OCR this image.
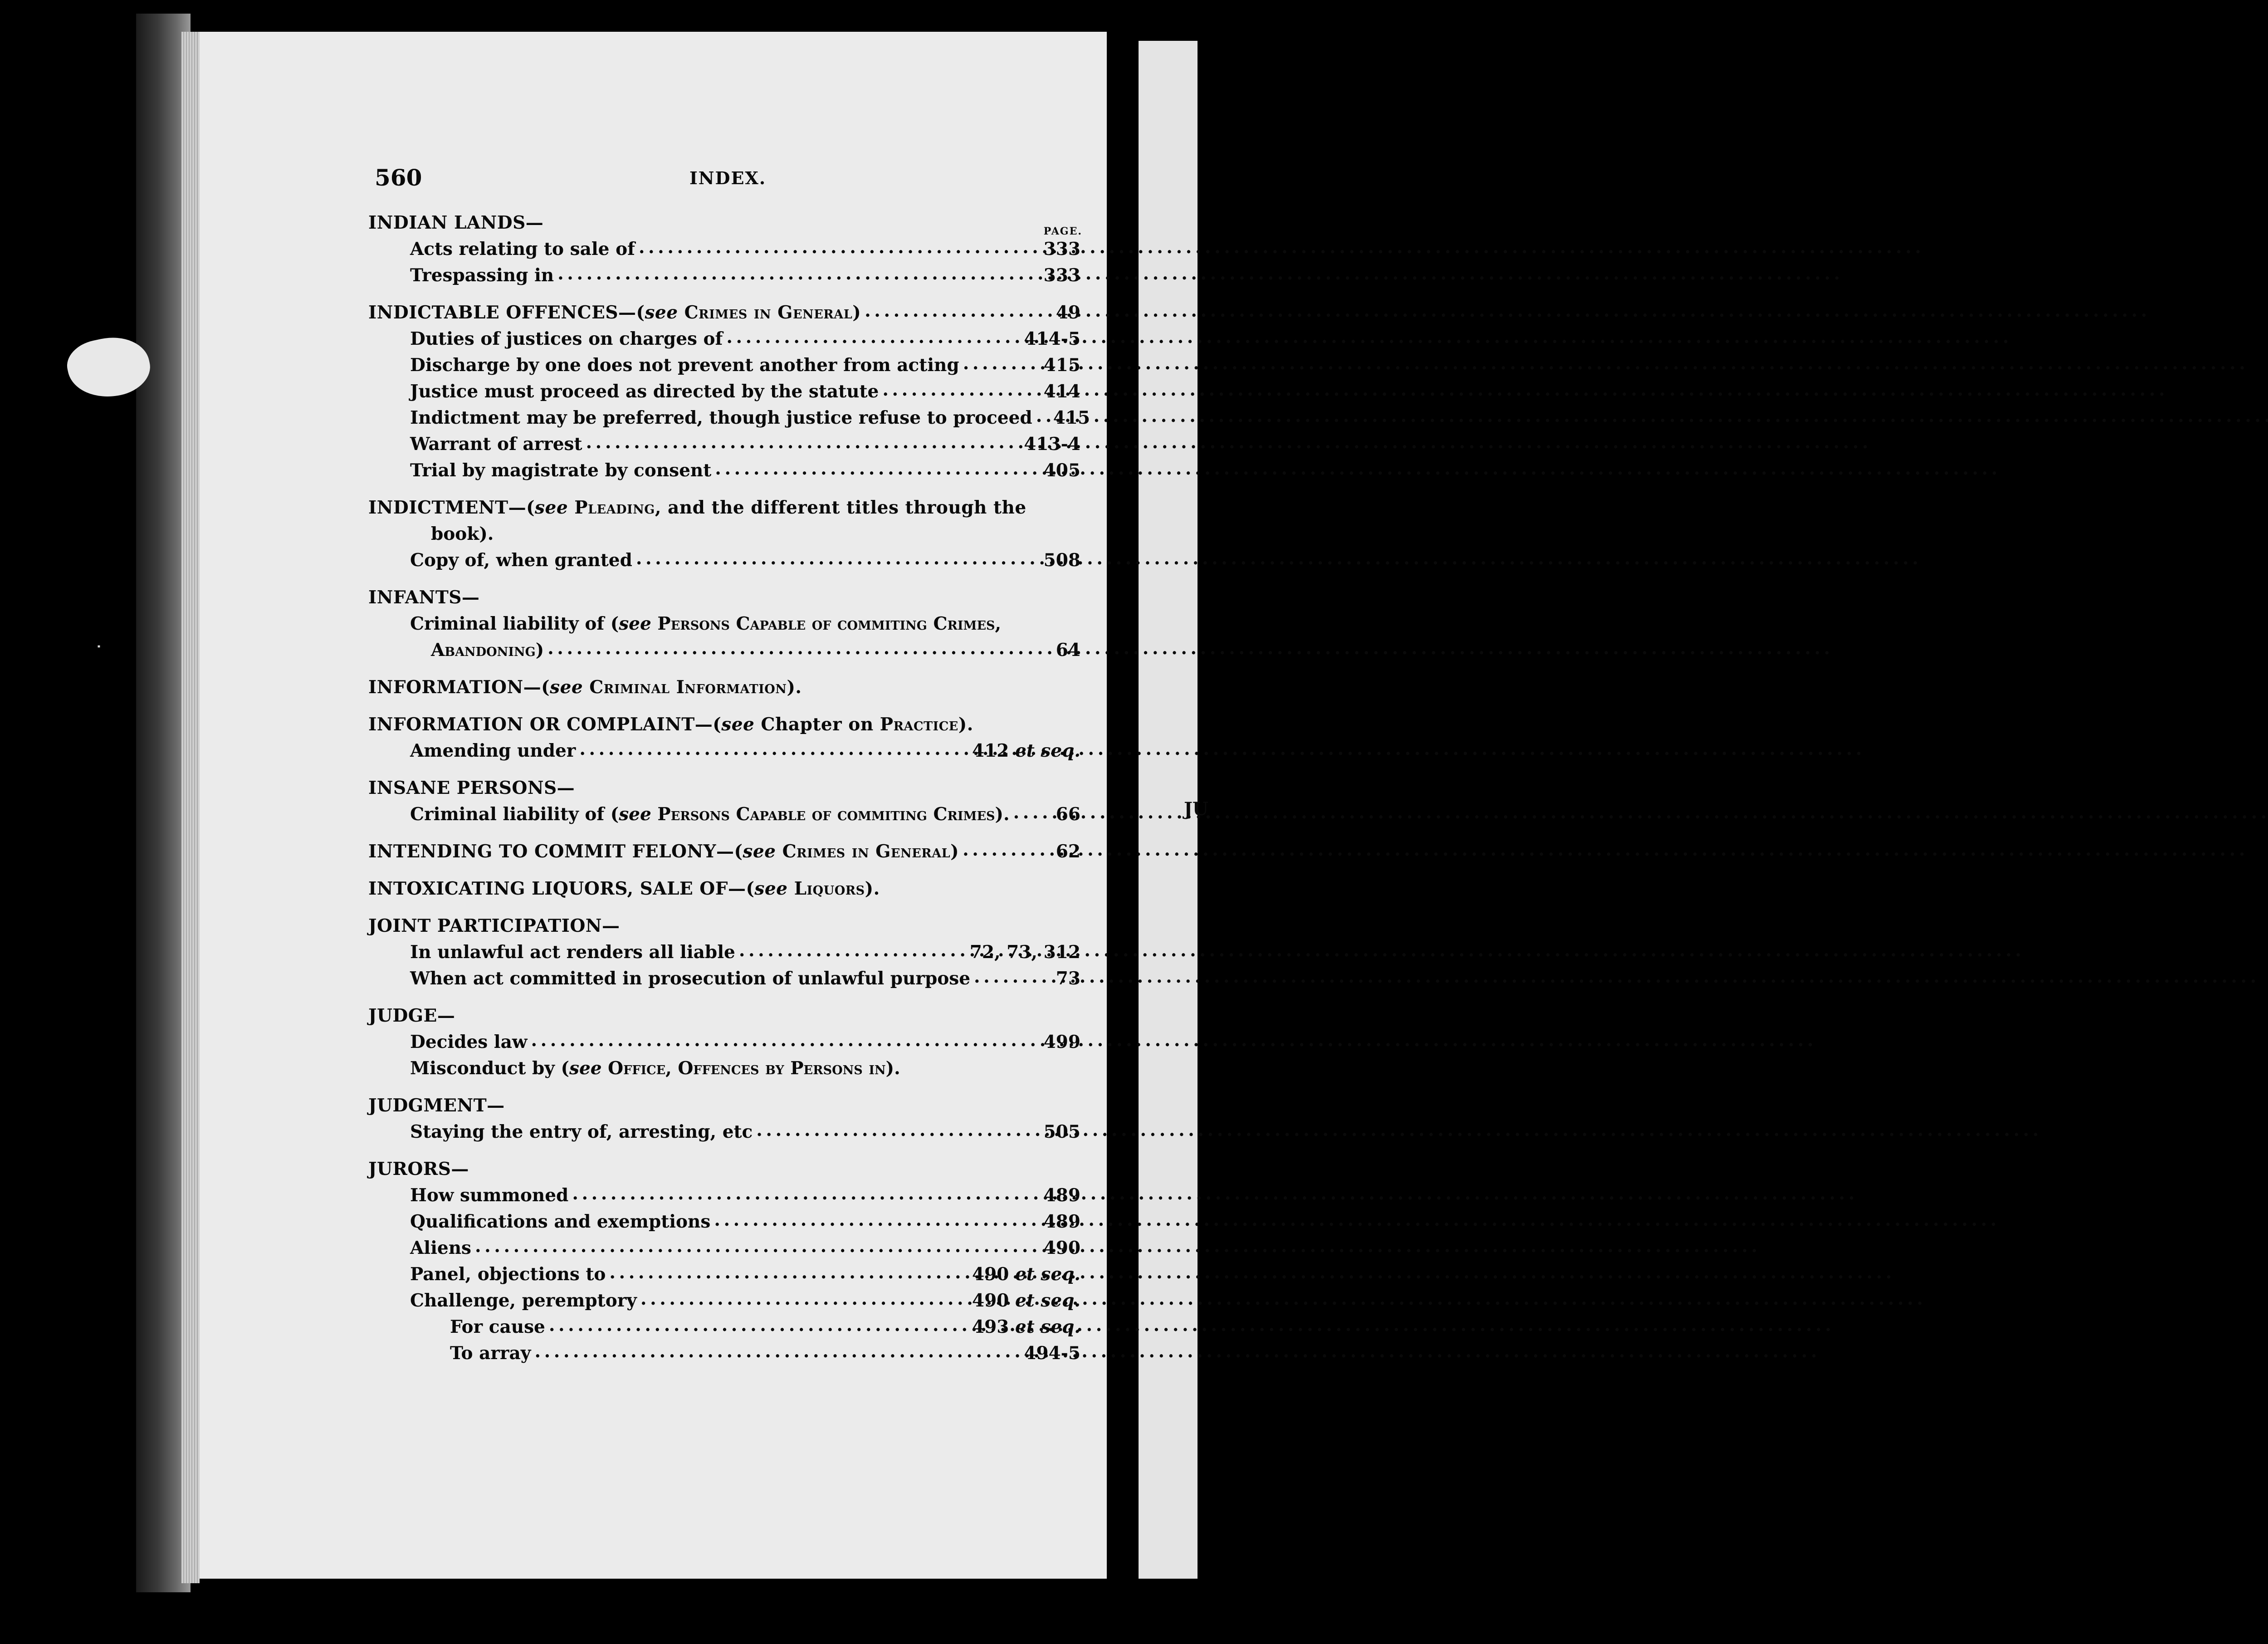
·
JU
560	INDEX.
PAGE.
INDIAN LANDS—
Acts relating to sale of . . .	333
Trespassing in . . .	333
INDICTABLE OFFENCES—(see Crimes in General) . . .	49
Duties of justices on charges of . . .	414-5
Discharge by one does not prevent another from acting . . .	415
Justice must proceed as directed by the statute . . .	414
Indictment may be preferred, though justice refuse to proceed . . . 415
Warrant of arrest . . .	413-4
Trial by magistrate by consent . . .	405
INDICTMENT—(see Pleading, and the different titles through the
book).
Copy of, when granted . . .	508
INFANTS—
Criminal liability of (see Persons Capable of commiting Crimes,
Abandoning) . . .	64
INFORMATION—(see Criminal Information).
INFORMATION OR COMPLAINT—(see Chapter on Practice).
Amending under . . .	412 et seq.
INSANE PERSONS—
Criminal liability of (see Persons Capable of commiting Crimes). . . .	66
INTENDING TO COMMIT FELONY—(see Crimes in General) . . .	62
INTOXICATING LIQUORS, SALE OF—(see Liquors).
JOINT PARTICIPATION—
In unlawful act renders all liable . . .	72, 73, 312
When act committed in prosecution of unlawful purpose . . .	73
JUDGE—
Decides law . . .	499
Misconduct by (see Office, Offences by Persons in).
JUDGMENT—
Staying the entry of, arresting, etc . . .	505
JURORS—
How summoned . . .	489
Qualifications and exemptions . . .	489
Aliens . . .	490
Panel, objections to . . .	490 et seq.
Challenge, peremptory . . .	490 et seq.
For cause . . .	493 et seq.
To array . . .	494-5
